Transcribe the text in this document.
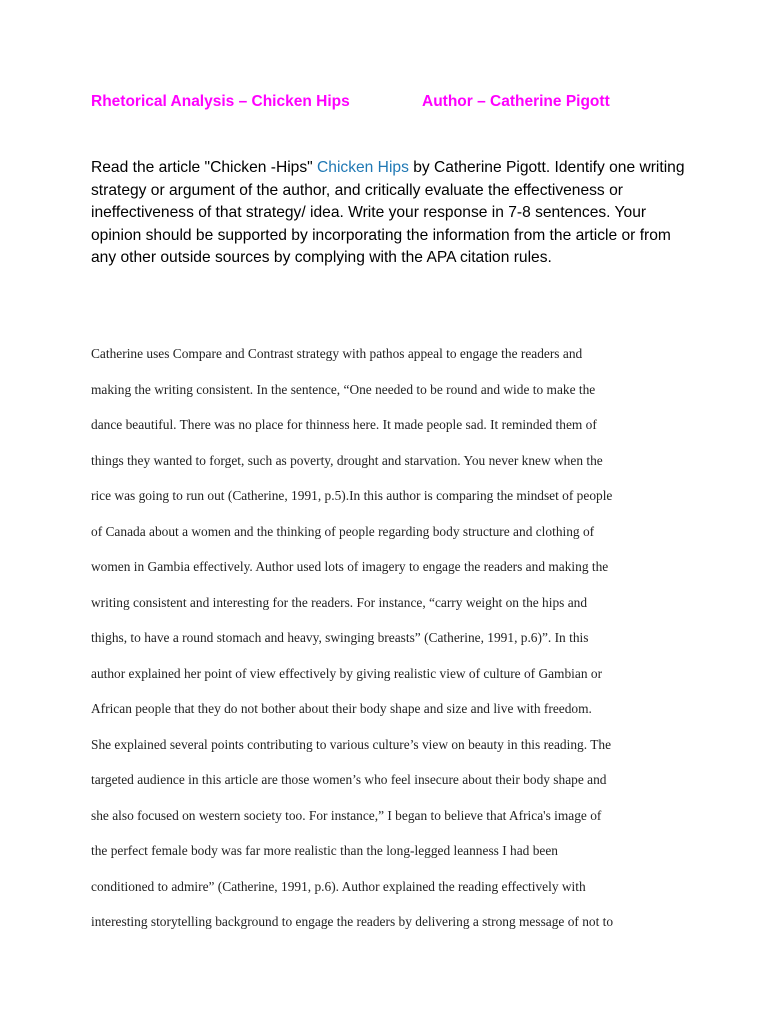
Rhetorical Analysis – Chicken Hips	Author – Catherine Pigott

Read the article "Chicken -Hips" Chicken Hips by Catherine Pigott. Identify one writing strategy or argument of the author, and critically evaluate the effectiveness or ineffectiveness of that strategy/ idea. Write your response in 7-8 sentences. Your opinion should be supported by incorporating the information from the article or from any other outside sources by complying with the APA citation rules.

Catherine uses Compare and Contrast strategy with pathos appeal to engage the readers and
making the writing consistent. In the sentence, “One needed to be round and wide to make the
dance beautiful. There was no place for thinness here. It made people sad. It reminded them of
things they wanted to forget, such as poverty, drought and starvation. You never knew when the
rice was going to run out (Catherine, 1991, p.5).In this author is comparing the mindset of people
of Canada about a women and the thinking of people regarding body structure and clothing of
women in Gambia effectively. Author used lots of imagery to engage the readers and making the
writing consistent and interesting for the readers. For instance, “carry weight on the hips and
thighs, to have a round stomach and heavy, swinging breasts” (Catherine, 1991, p.6)”. In this
author explained her point of view effectively by giving realistic view of culture of Gambian or
African people that they do not bother about their body shape and size and live with freedom.
She explained several points contributing to various culture’s view on beauty in this reading. The
targeted audience in this article are those women’s who feel insecure about their body shape and
she also focused on western society too. For instance,” I began to believe that Africa's image of
the perfect female body was far more realistic than the long-legged leanness I had been
conditioned to admire” (Catherine, 1991, p.6). Author explained the reading effectively with
interesting storytelling background to engage the readers by delivering a strong message of not to
